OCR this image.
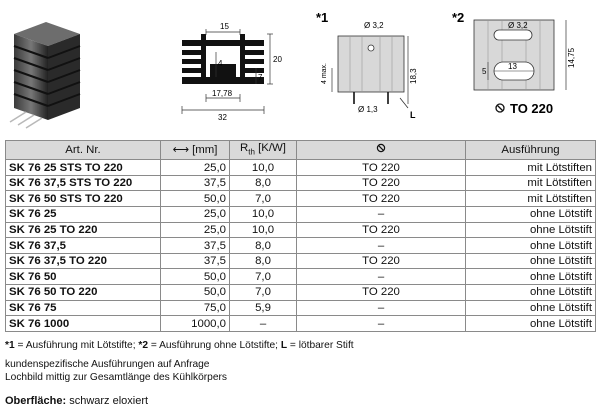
15
20
4
7
17,78
32
*1
Ø 3,2
4 max.	18,3
Ø 1,3
L
*2
Ø 3,2
13
5
14,75
TO 220
Art. Nr.	⟷ [mm]	$R_{th}$ [K/W]		Ausführung
SK 76 25 STS TO 220	25,0	10,0	TO 220	mit Lötstiften
SK 76 37,5 STS TO 220	37,5	8,0	TO 220	mit Lötstiften
SK 76 50 STS TO 220	50,0	7,0	TO 220	mit Lötstiften
SK 76 25	25,0	10,0	–	ohne Lötstift
SK 76 25 TO 220	25,0	10,0	TO 220	ohne Lötstift
SK 76 37,5	37,5	8,0	–	ohne Lötstift
SK 76 37,5 TO 220	37,5	8,0	TO 220	ohne Lötstift
SK 76 50	50,0	7,0	–	ohne Lötstift
SK 76 50 TO 220	50,0	7,0	TO 220	ohne Lötstift
SK 76 75	75,0	5,9	–	ohne Lötstift
SK 76 1000	1000,0	–	–	ohne Lötstift
*1 = Ausführung mit Lötstifte; *2 = Ausführung ohne Lötstifte; L = lötbarer Stift
kundenspezifische Ausführungen auf Anfrage
Lochbild mittig zur Gesamtlänge des Kühlkörpers
Oberfläche: schwarz eloxiert
